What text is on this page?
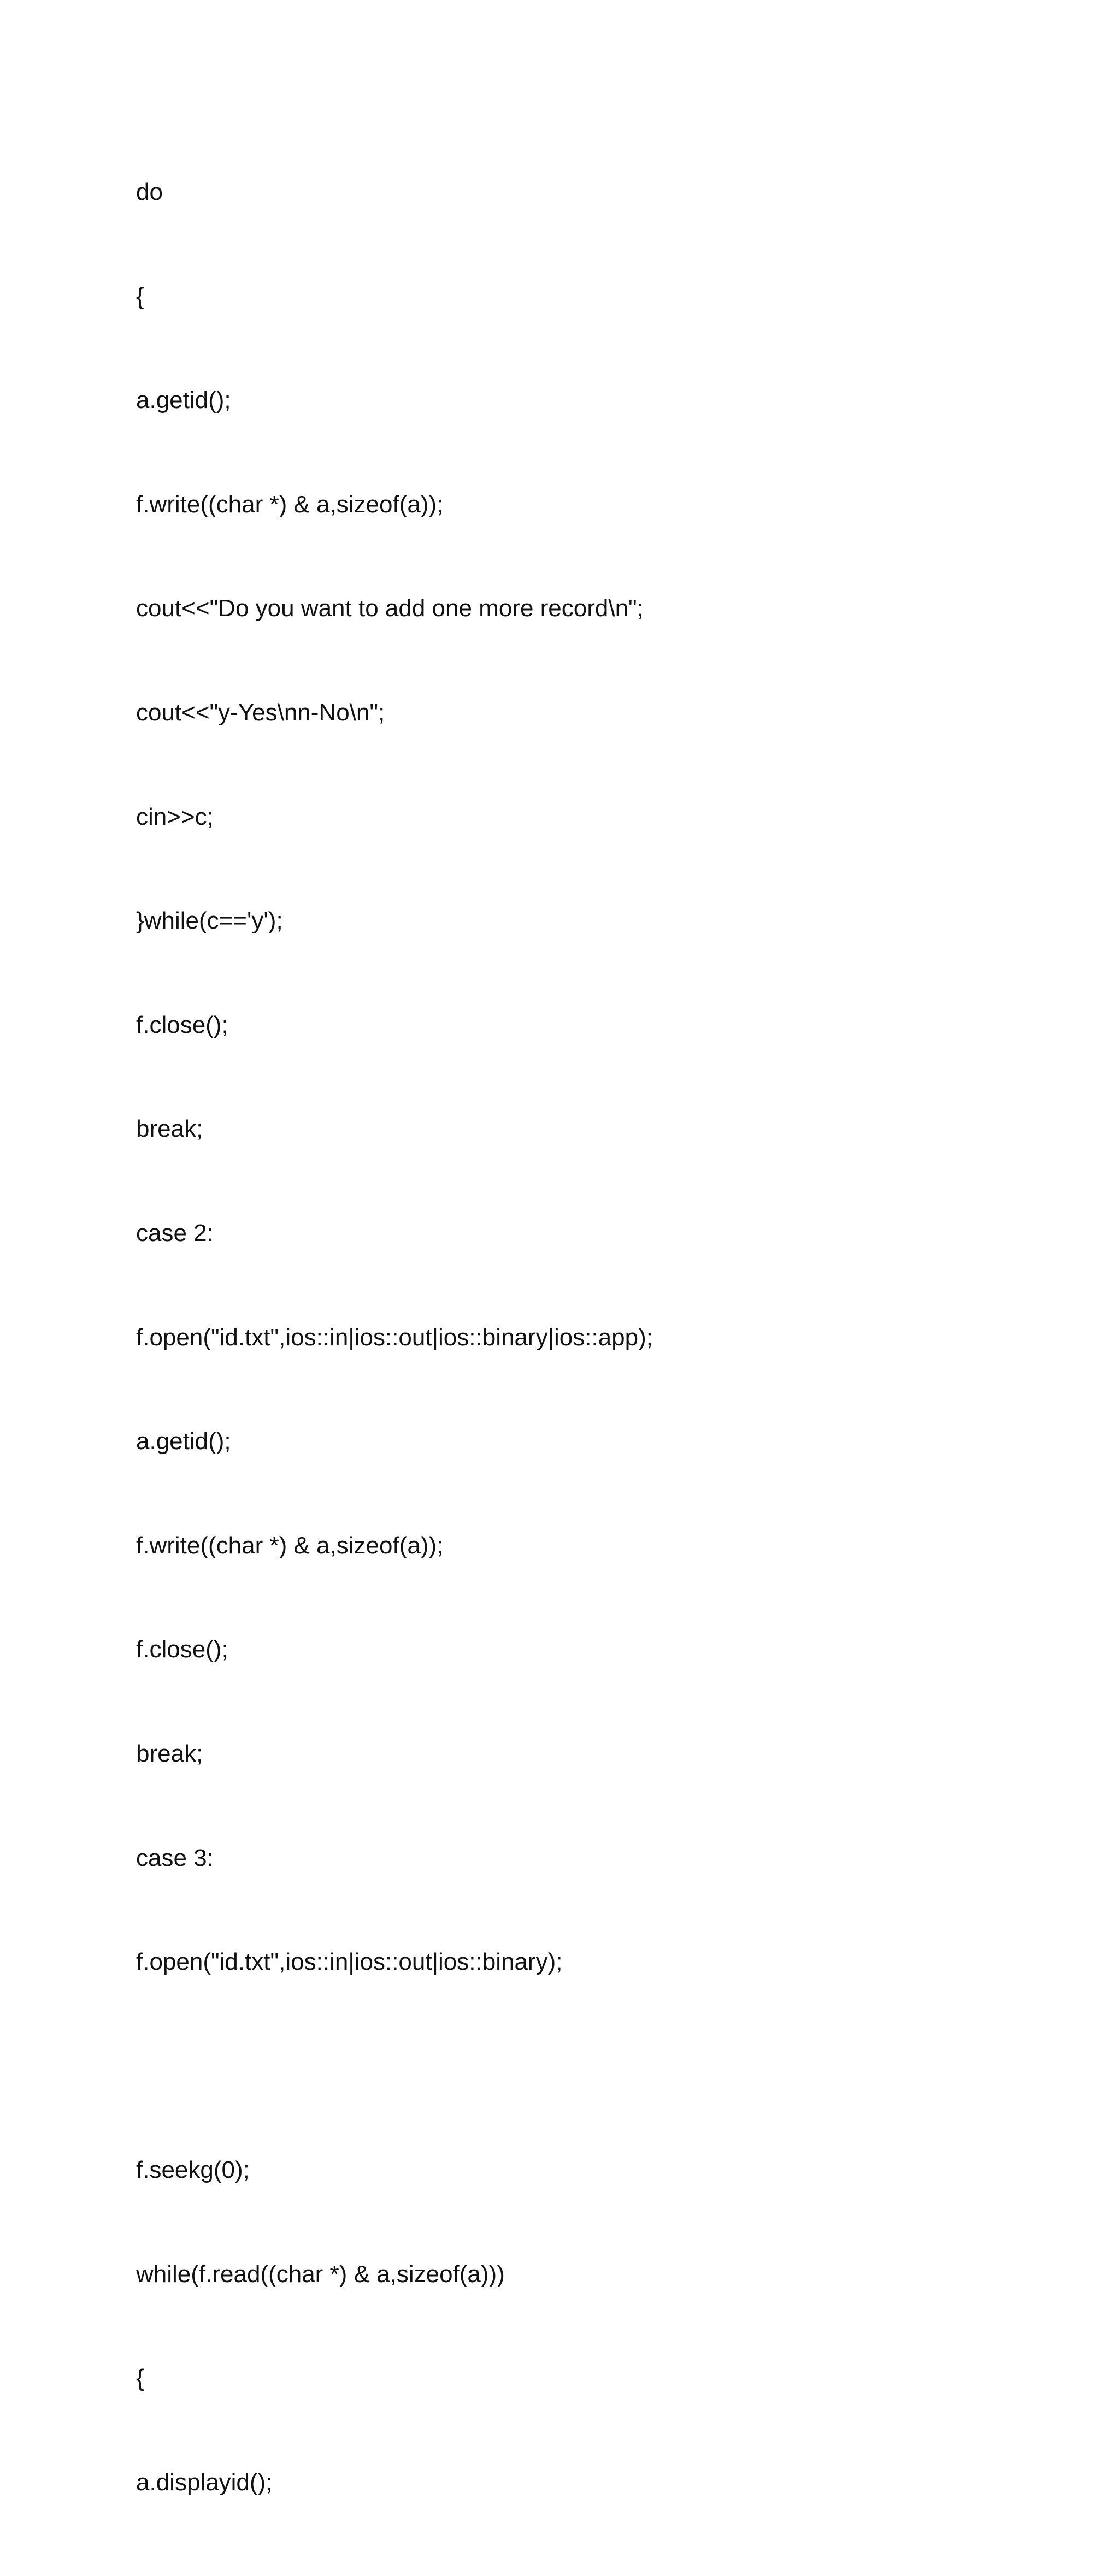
do

{

a.getid();

f.write((char *) & a,sizeof(a));

cout<<"Do you want to add one more record\n";

cout<<"y-Yes\nn-No\n";

cin>>c;

}while(c=='y');

f.close();

break;

case 2:

f.open("id.txt",ios::in|ios::out|ios::binary|ios::app);

a.getid();

f.write((char *) & a,sizeof(a));

f.close();

break;

case 3:

f.open("id.txt",ios::in|ios::out|ios::binary);

f.seekg(0);

while(f.read((char *) & a,sizeof(a)))

{

a.displayid();
